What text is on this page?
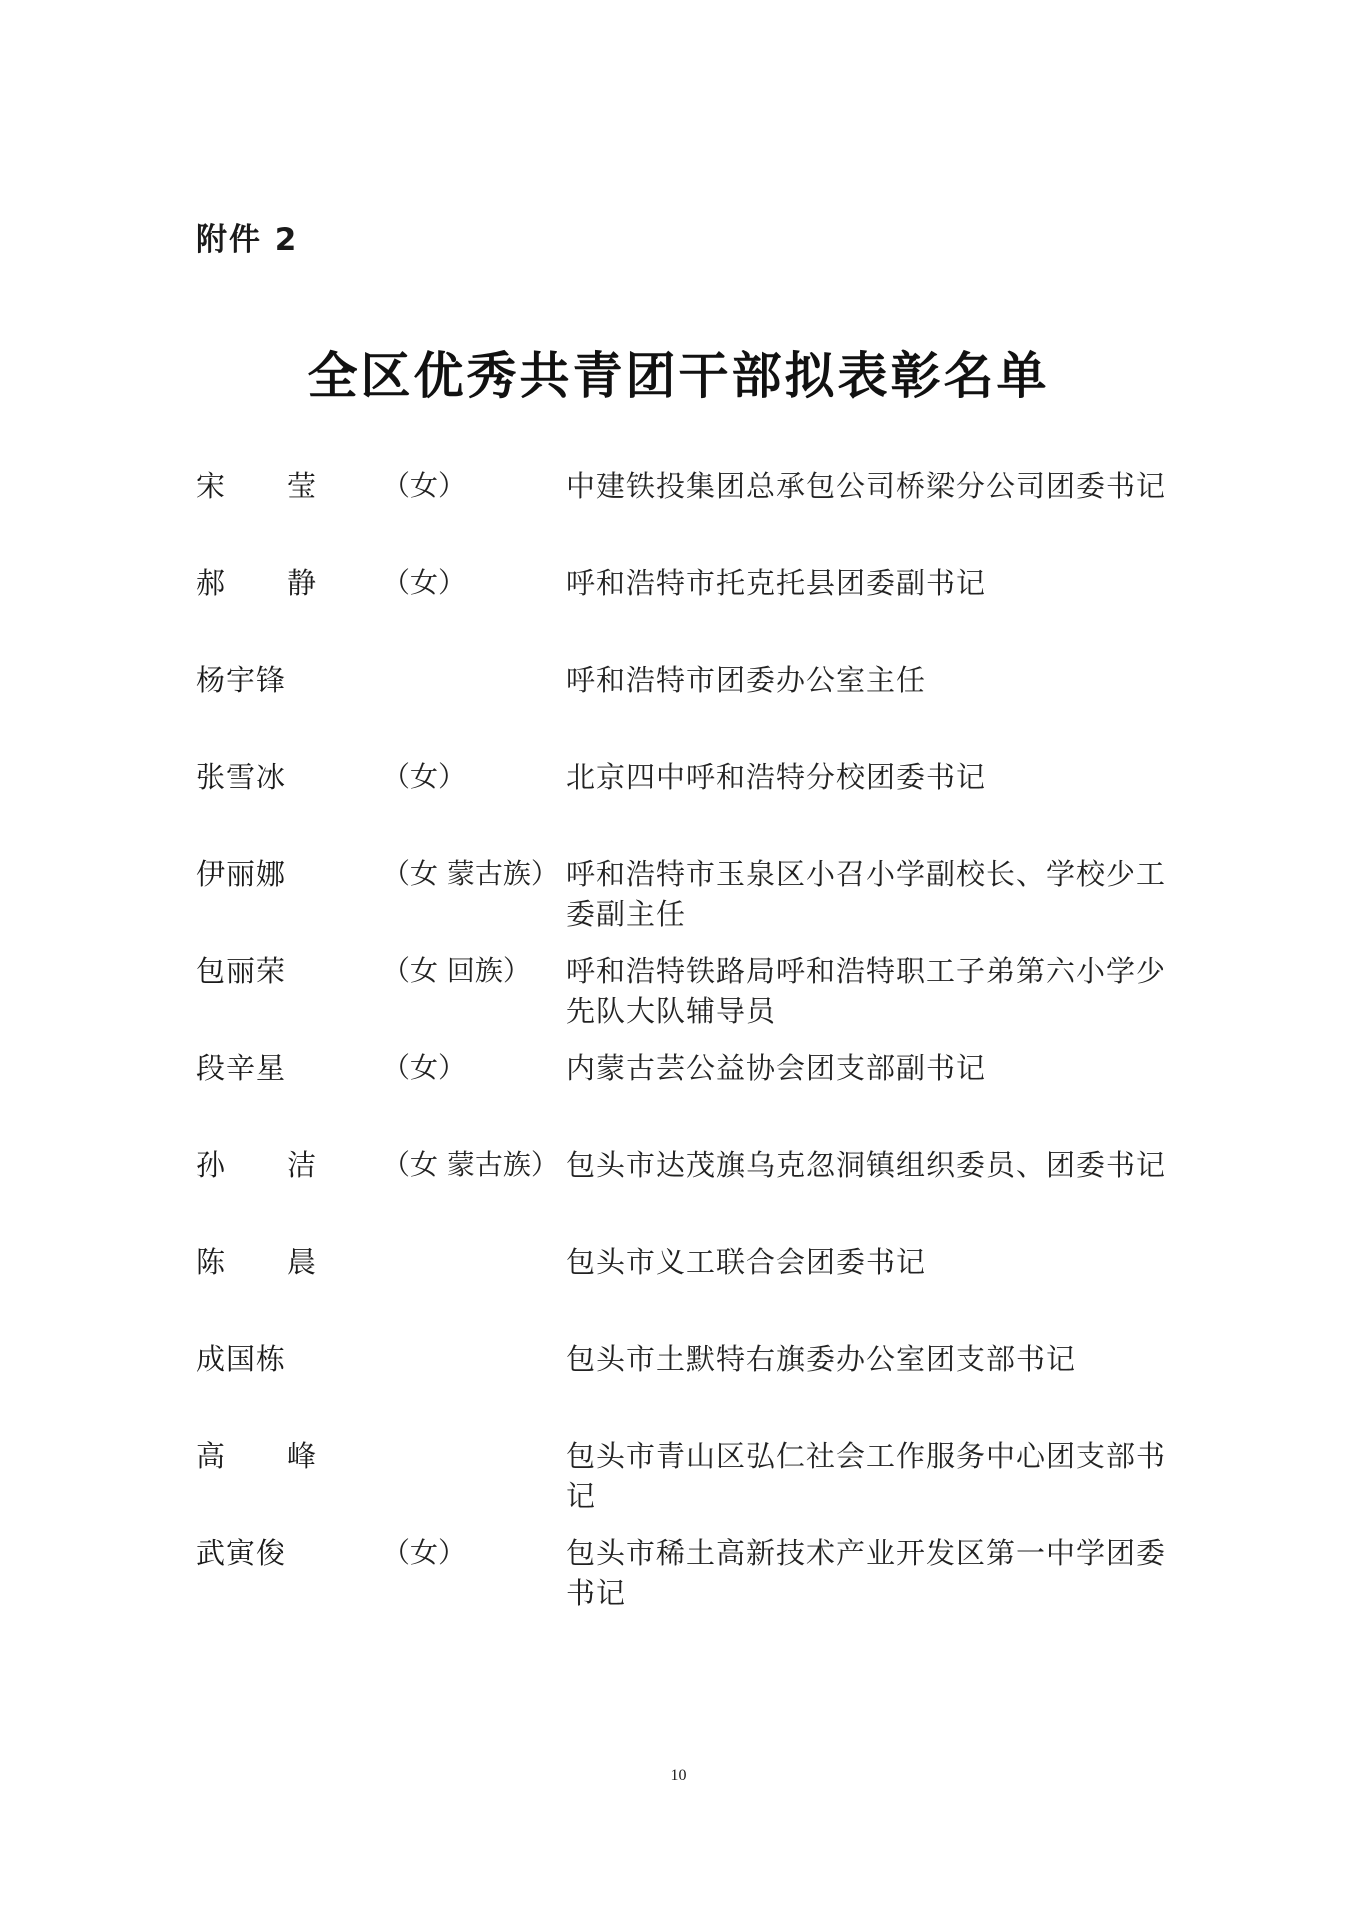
附件 2
全区优秀共青团干部拟表彰名单
宋 莹 （女）	中建铁投集团总承包公司桥梁分公司团委书记
郝 静 （女）	呼和浩特市托克托县团委副书记
杨宇锋	呼和浩特市团委办公室主任
张雪冰	（女）	北京四中呼和浩特分校团委书记
伊丽娜	（女 蒙古族） 呼和浩特市玉泉区小召小学副校长、学校少工委副主任
包丽荣	（女 回族） 呼和浩特铁路局呼和浩特职工子弟第六小学少先队大队辅导员
段辛星	（女）	内蒙古芸公益协会团支部副书记
孙 洁 （女 蒙古族） 包头市达茂旗乌克忽洞镇组织委员、团委书记
陈 晨	包头市义工联合会团委书记
成国栋	包头市土默特右旗委办公室团支部书记
高 峰	包头市青山区弘仁社会工作服务中心团支部书记
武寅俊	（女）	包头市稀土高新技术产业开发区第一中学团委书记
10
